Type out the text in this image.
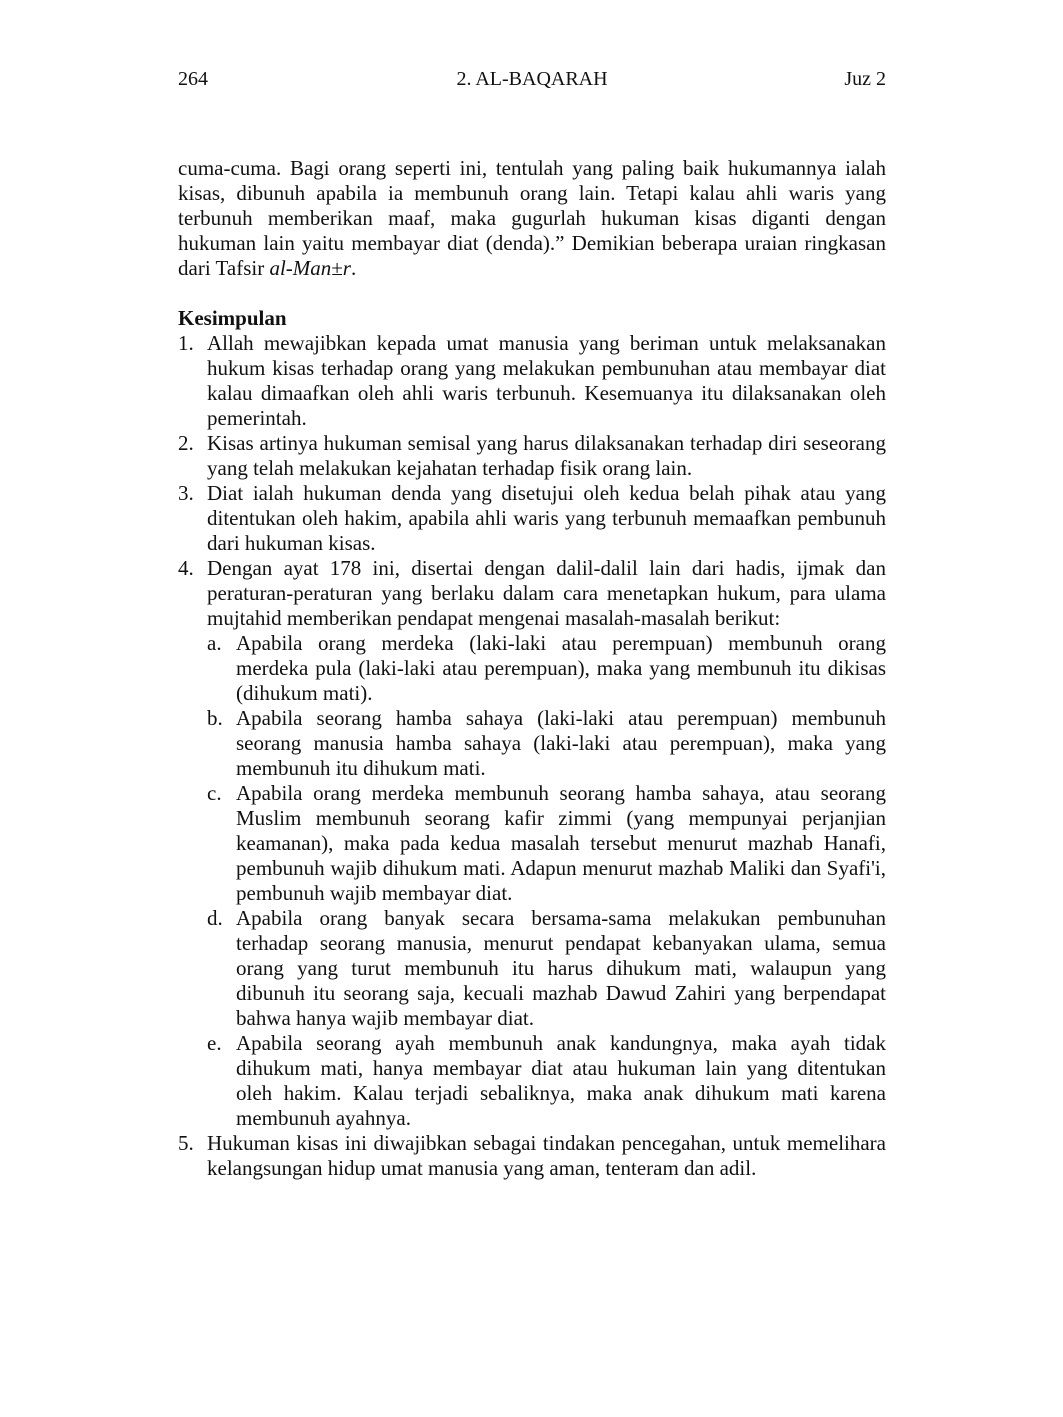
264	2. AL-BAQARAH	Juz 2

cuma-cuma. Bagi orang seperti ini, tentulah yang paling baik hukumannya ialah kisas, dibunuh apabila ia membunuh orang lain. Tetapi kalau ahli waris yang terbunuh memberikan maaf, maka gugurlah hukuman kisas diganti dengan hukuman lain yaitu membayar diat (denda).” Demikian beberapa uraian ringkasan dari Tafsir al-Man±r.

Kesimpulan
1. Allah mewajibkan kepada umat manusia yang beriman untuk melaksanakan hukum kisas terhadap orang yang melakukan pembunuhan atau membayar diat kalau dimaafkan oleh ahli waris terbunuh. Kesemuanya itu dilaksanakan oleh pemerintah.
2. Kisas artinya hukuman semisal yang harus dilaksanakan terhadap diri seseorang yang telah melakukan kejahatan terhadap fisik orang lain.
3. Diat ialah hukuman denda yang disetujui oleh kedua belah pihak atau yang ditentukan oleh hakim, apabila ahli waris yang terbunuh memaafkan pembunuh dari hukuman kisas.
4. Dengan ayat 178 ini, disertai dengan dalil-dalil lain dari hadis, ijmak dan peraturan-peraturan yang berlaku dalam cara menetapkan hukum, para ulama mujtahid memberikan pendapat mengenai masalah-masalah berikut:
a. Apabila orang merdeka (laki-laki atau perempuan) membunuh orang merdeka pula (laki-laki atau perempuan), maka yang membunuh itu dikisas (dihukum mati).
b. Apabila seorang hamba sahaya (laki-laki atau perempuan) membunuh seorang manusia hamba sahaya (laki-laki atau perempuan), maka yang membunuh itu dihukum mati.
c. Apabila orang merdeka membunuh seorang hamba sahaya, atau seorang Muslim membunuh seorang kafir zimmi (yang mempunyai perjanjian keamanan), maka pada kedua masalah tersebut menurut mazhab Hanafi, pembunuh wajib dihukum mati. Adapun menurut mazhab Maliki dan Syafi'i, pembunuh wajib membayar diat.
d. Apabila orang banyak secara bersama-sama melakukan pembunuhan terhadap seorang manusia, menurut pendapat kebanyakan ulama, semua orang yang turut membunuh itu harus dihukum mati, walaupun yang dibunuh itu seorang saja, kecuali mazhab Dawud Zahiri yang berpendapat bahwa hanya wajib membayar diat.
e. Apabila seorang ayah membunuh anak kandungnya, maka ayah tidak dihukum mati, hanya membayar diat atau hukuman lain yang ditentukan oleh hakim. Kalau terjadi sebaliknya, maka anak dihukum mati karena membunuh ayahnya.
5. Hukuman kisas ini diwajibkan sebagai tindakan pencegahan, untuk memelihara kelangsungan hidup umat manusia yang aman, tenteram dan adil.
